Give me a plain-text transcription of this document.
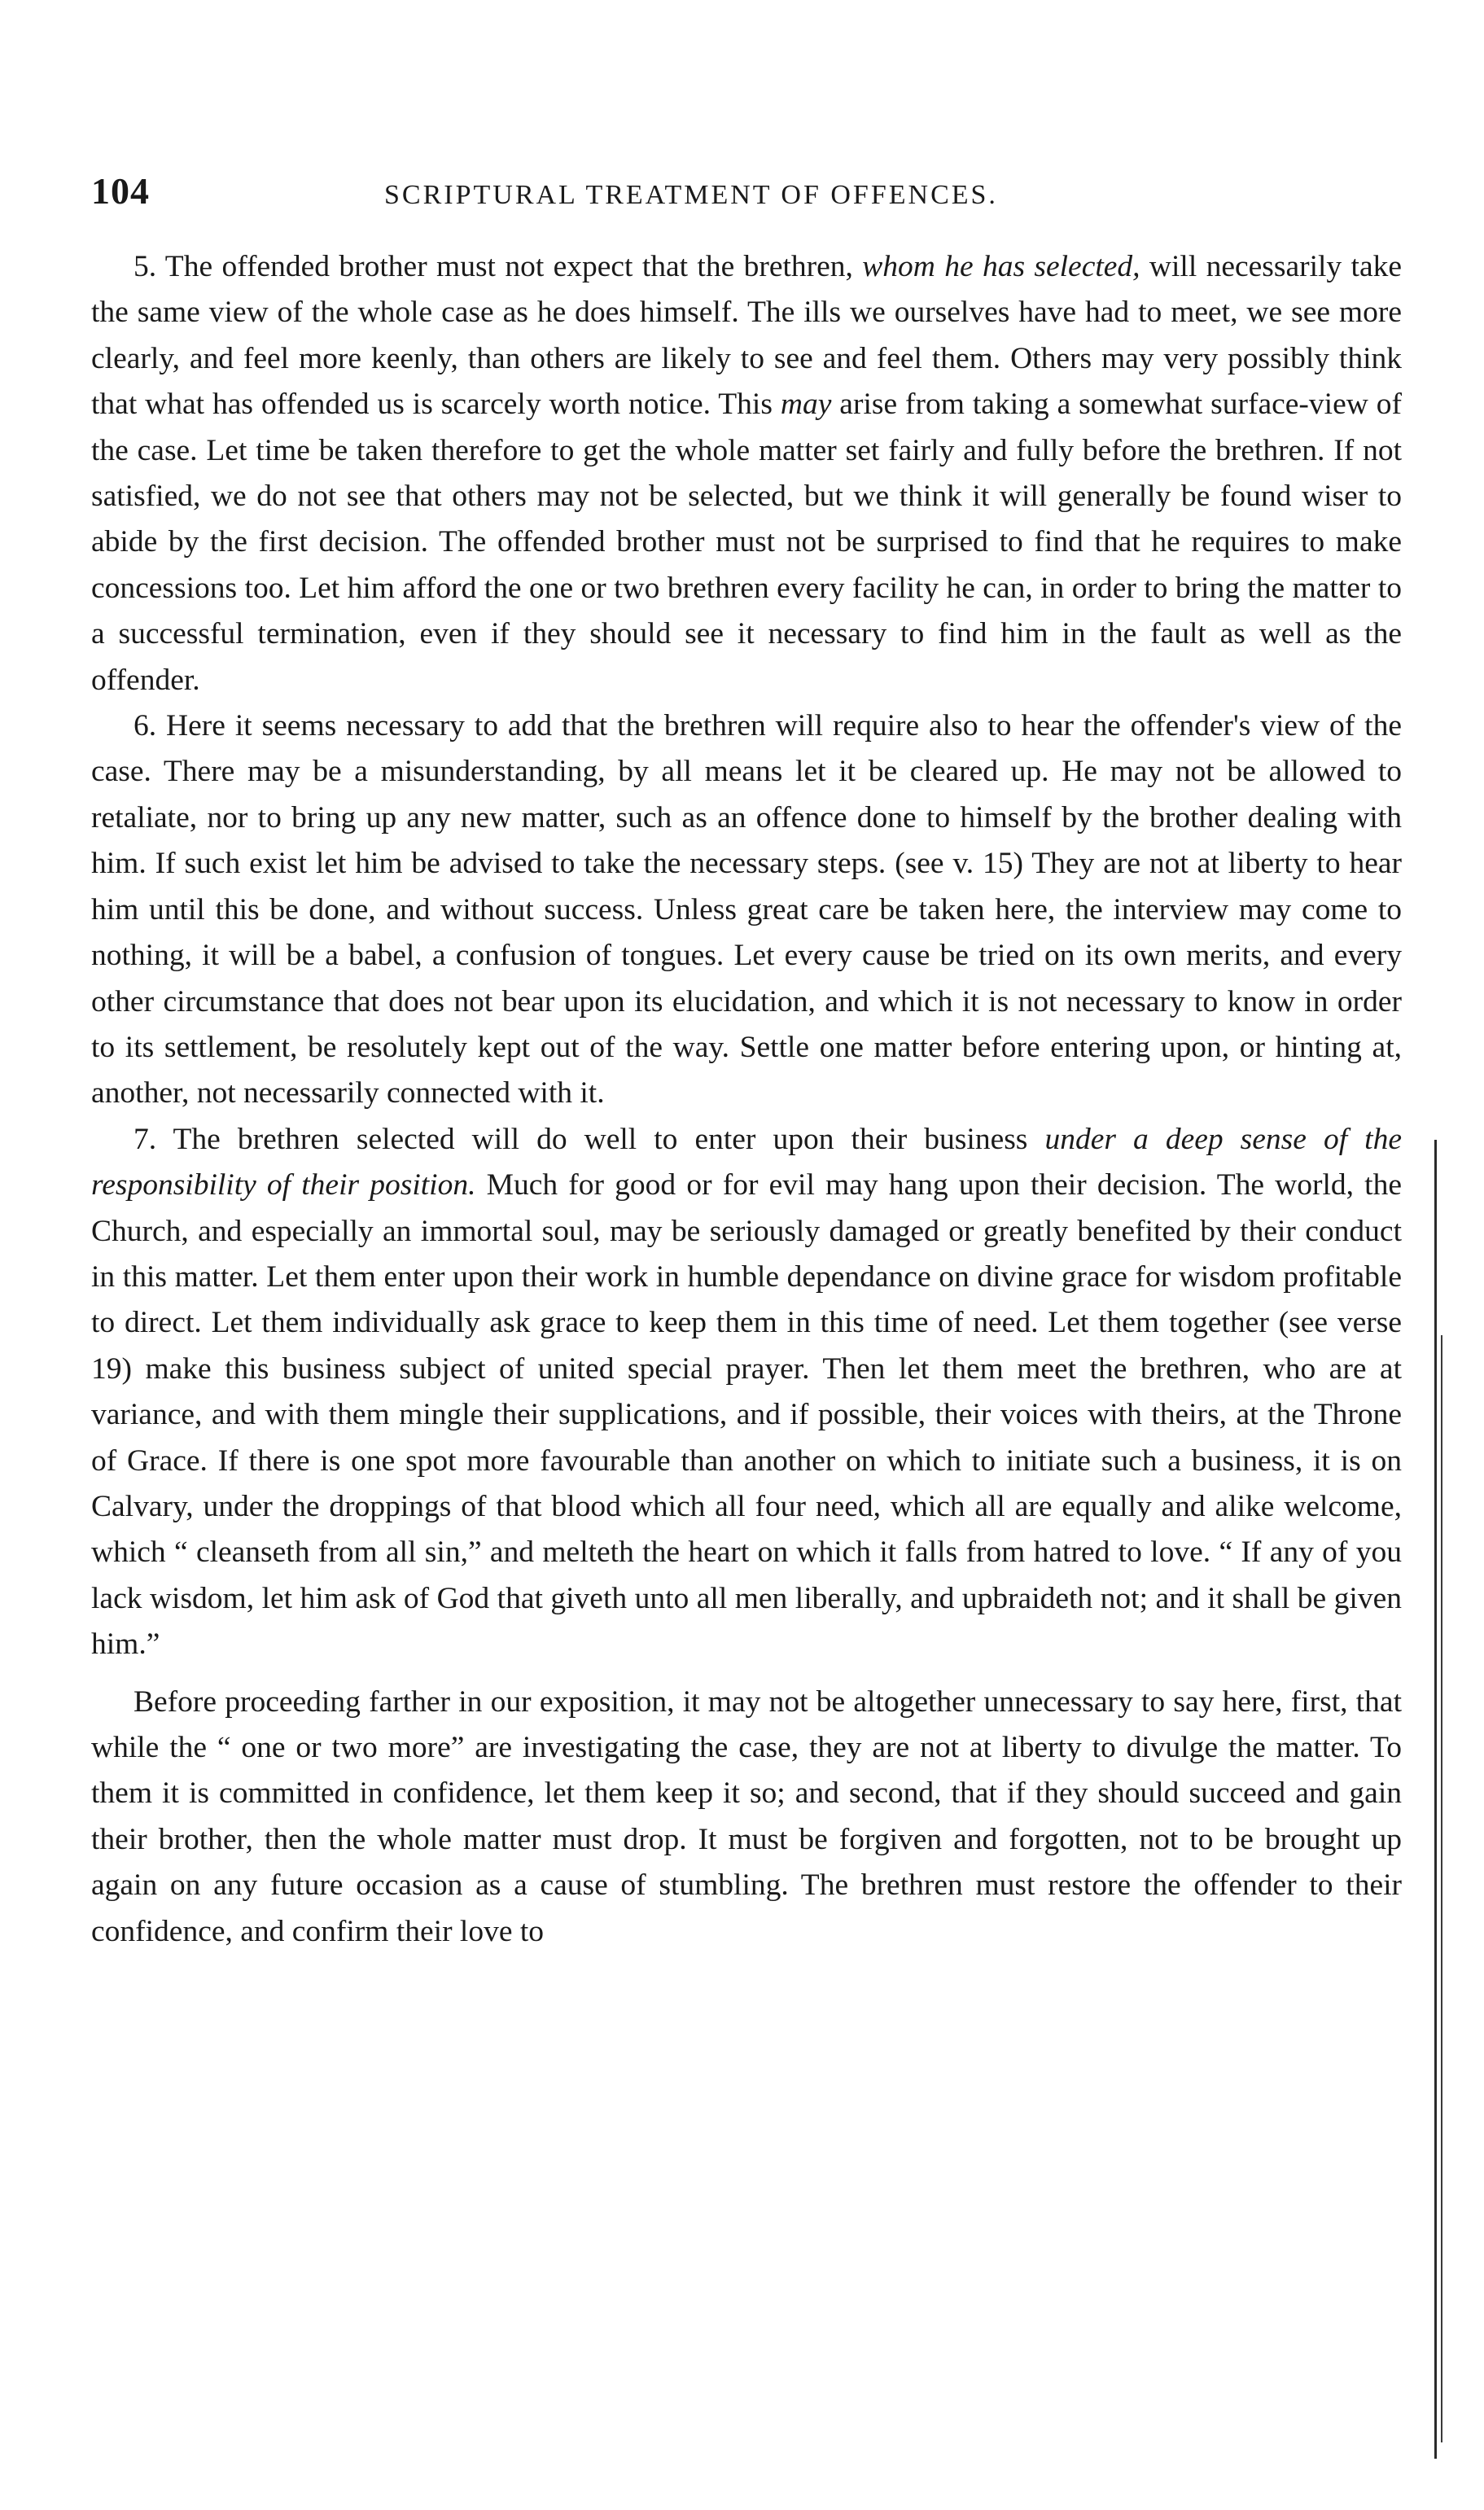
104	SCRIPTURAL TREATMENT OF OFFENCES.

5. The offended brother must not expect that the brethren, whom he has selected, will necessarily take the same view of the whole case as he does himself. The ills we ourselves have had to meet, we see more clearly, and feel more keenly, than others are likely to see and feel them. Others may very possibly think that what has offended us is scarcely worth notice. This may arise from taking a somewhat surface-view of the case. Let time be taken therefore to get the whole matter set fairly and fully before the brethren. If not satisfied, we do not see that others may not be selected, but we think it will generally be found wiser to abide by the first decision. The offended brother must not be surprised to find that he requires to make concessions too. Let him afford the one or two brethren every facility he can, in order to bring the matter to a successful termination, even if they should see it necessary to find him in the fault as well as the offender.

6. Here it seems necessary to add that the brethren will require also to hear the offender's view of the case. There may be a misunderstanding, by all means let it be cleared up. He may not be allowed to retaliate, nor to bring up any new matter, such as an offence done to himself by the brother dealing with him. If such exist let him be advised to take the necessary steps. (see v. 15) They are not at liberty to hear him until this be done, and without success. Unless great care be taken here, the interview may come to nothing, it will be a babel, a confusion of tongues. Let every cause be tried on its own merits, and every other circumstance that does not bear upon its elucidation, and which it is not necessary to know in order to its settlement, be resolutely kept out of the way. Settle one matter before entering upon, or hinting at, another, not necessarily connected with it.

7. The brethren selected will do well to enter upon their business under a deep sense of the responsibility of their position. Much for good or for evil may hang upon their decision. The world, the Church, and especially an immortal soul, may be seriously damaged or greatly benefited by their conduct in this matter. Let them enter upon their work in humble dependance on divine grace for wisdom profitable to direct. Let them individually ask grace to keep them in this time of need. Let them together (see verse 19) make this business subject of united special prayer. Then let them meet the brethren, who are at variance, and with them mingle their supplications, and if possible, their voices with theirs, at the Throne of Grace. If there is one spot more favourable than another on which to initiate such a business, it is on Calvary, under the droppings of that blood which all four need, which all are equally and alike welcome, which “ cleanseth from all sin,” and melteth the heart on which it falls from hatred to love. “ If any of you lack wisdom, let him ask of God that giveth unto all men liberally, and upbraideth not; and it shall be given him.”

Before proceeding farther in our exposition, it may not be altogether unnecessary to say here, first, that while the “ one or two more” are investigating the case, they are not at liberty to divulge the matter. To them it is committed in confidence, let them keep it so; and second, that if they should succeed and gain their brother, then the whole matter must drop. It must be forgiven and forgotten, not to be brought up again on any future occasion as a cause of stumbling. The brethren must restore the offender to their confidence, and confirm their love to
